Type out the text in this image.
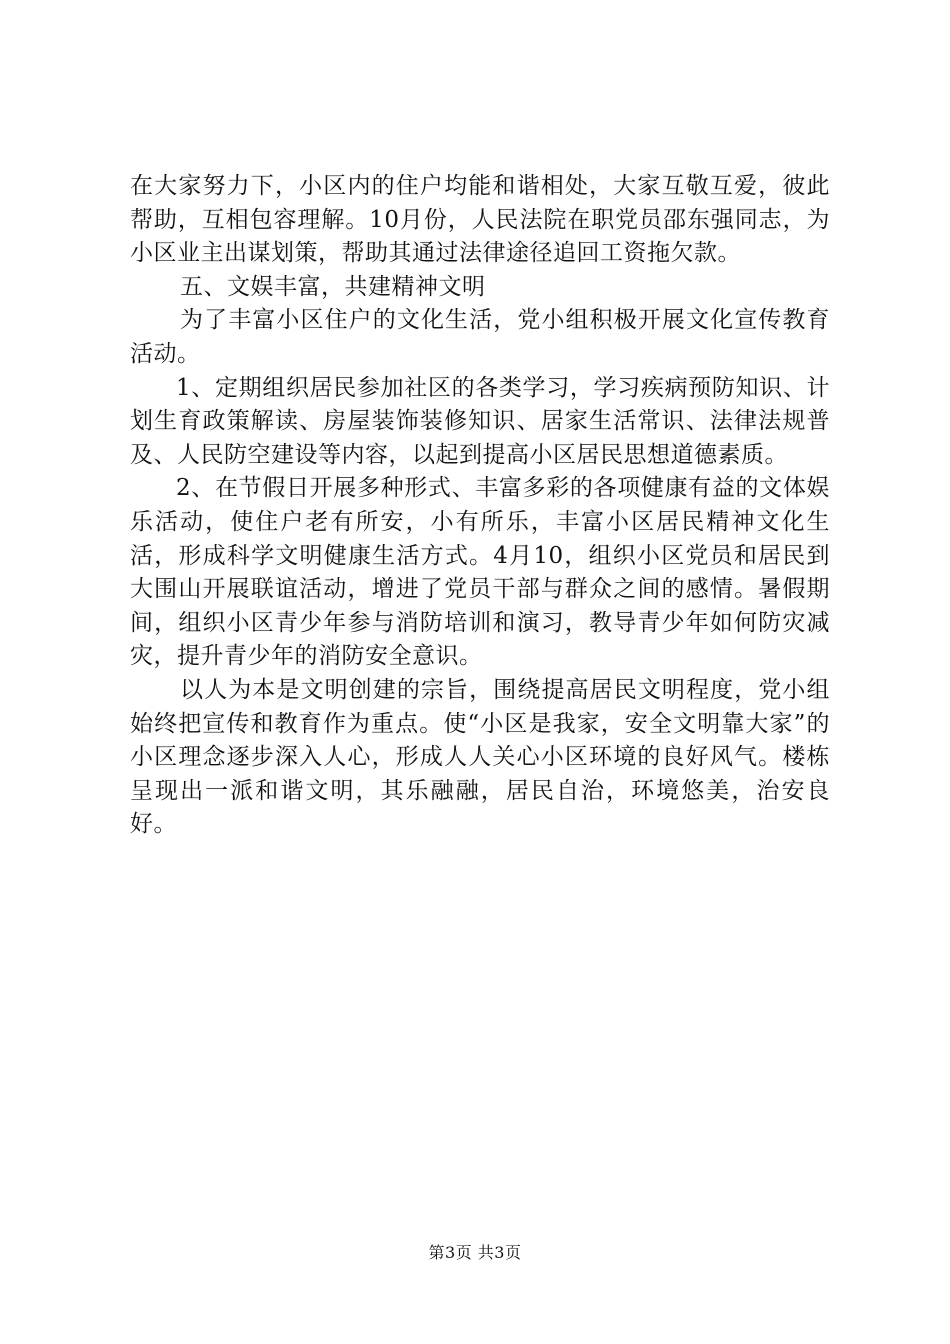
在大家努力下，小区内的住户均能和谐相处，大家互敬互爱，彼此帮助，互相包容理解。10月份，人民法院在职党员邵东强同志，为小区业主出谋划策，帮助其通过法律途径追回工资拖欠款。

五、文娱丰富，共建精神文明

为了丰富小区住户的文化生活，党小组积极开展文化宣传教育活动。

1、定期组织居民参加社区的各类学习，学习疾病预防知识、计划生育政策解读、房屋装饰装修知识、居家生活常识、法律法规普及、人民防空建设等内容，以起到提高小区居民思想道德素质。

2、在节假日开展多种形式、丰富多彩的各项健康有益的文体娱乐活动，使住户老有所安，小有所乐，丰富小区居民精神文化生活，形成科学文明健康生活方式。4月10，组织小区党员和居民到大围山开展联谊活动，增进了党员干部与群众之间的感情。暑假期间，组织小区青少年参与消防培训和演习，教导青少年如何防灾减灾，提升青少年的消防安全意识。

以人为本是文明创建的宗旨，围绕提高居民文明程度，党小组始终把宣传和教育作为重点。使“小区是我家，安全文明靠大家”的小区理念逐步深入人心，形成人人关心小区环境的良好风气。楼栋呈现出一派和谐文明，其乐融融，居民自治，环境悠美，治安良好。

第3页 共3页
